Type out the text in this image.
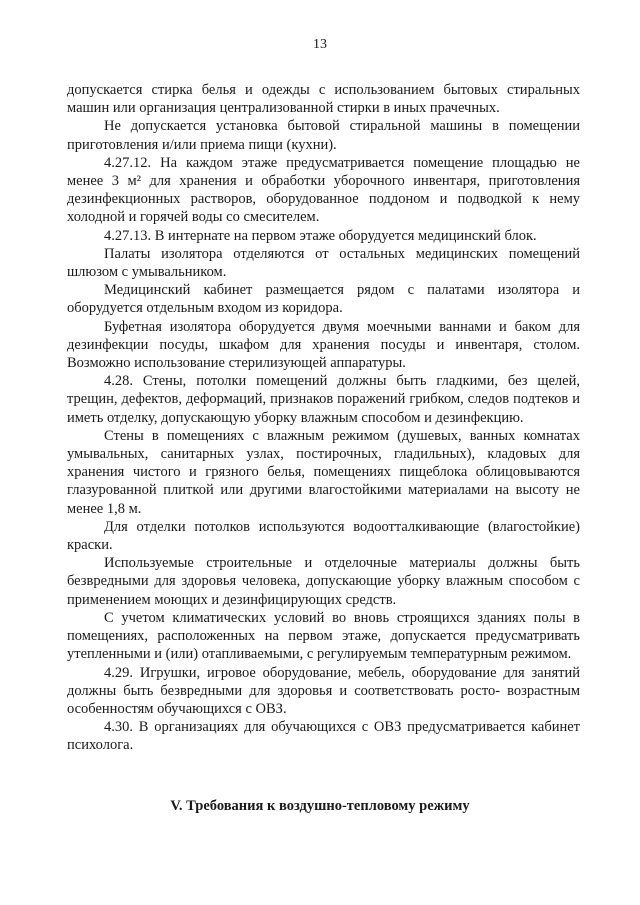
13

допускается стирка белья и одежды с использованием бытовых стиральных машин или организация централизованной стирки в иных прачечных.

Не допускается установка бытовой стиральной машины в помещении приготовления и/или приема пищи (кухни).

4.27.12. На каждом этаже предусматривается помещение площадью не менее 3 м² для хранения и обработки уборочного инвентаря, приготовления дезинфекционных растворов, оборудованное поддоном и подводкой к нему холодной и горячей воды со смесителем.

4.27.13. В интернате на первом этаже оборудуется медицинский блок.

Палаты изолятора отделяются от остальных медицинских помещений шлюзом с умывальником.

Медицинский кабинет размещается рядом с палатами изолятора и оборудуется отдельным входом из коридора.

Буфетная изолятора оборудуется двумя моечными ваннами и баком для дезинфекции посуды, шкафом для хранения посуды и инвентаря, столом. Возможно использование стерилизующей аппаратуры.

4.28. Стены, потолки помещений должны быть гладкими, без щелей, трещин, дефектов, деформаций, признаков поражений грибком, следов подтеков и иметь отделку, допускающую уборку влажным способом и дезинфекцию.

Стены в помещениях с влажным режимом (душевых, ванных комнатах умывальных, санитарных узлах, постирочных, гладильных), кладовых для хранения чистого и грязного белья, помещениях пищеблока облицовываются глазурованной плиткой или другими влагостойкими материалами на высоту не менее 1,8 м.

Для отделки потолков используются водоотталкивающие (влагостойкие) краски.

Используемые строительные и отделочные материалы должны быть безвредными для здоровья человека, допускающие уборку влажным способом с применением моющих и дезинфицирующих средств.

С учетом климатических условий во вновь строящихся зданиях полы в помещениях, расположенных на первом этаже, допускается предусматривать утепленными и (или) отапливаемыми, с регулируемым температурным режимом.

4.29. Игрушки, игровое оборудование, мебель, оборудование для занятий должны быть безвредными для здоровья и соответствовать росто- возрастным особенностям обучающихся с ОВЗ.

4.30. В организациях для обучающихся с ОВЗ предусматривается кабинет психолога.

V. Требования к воздушно-тепловому режиму
